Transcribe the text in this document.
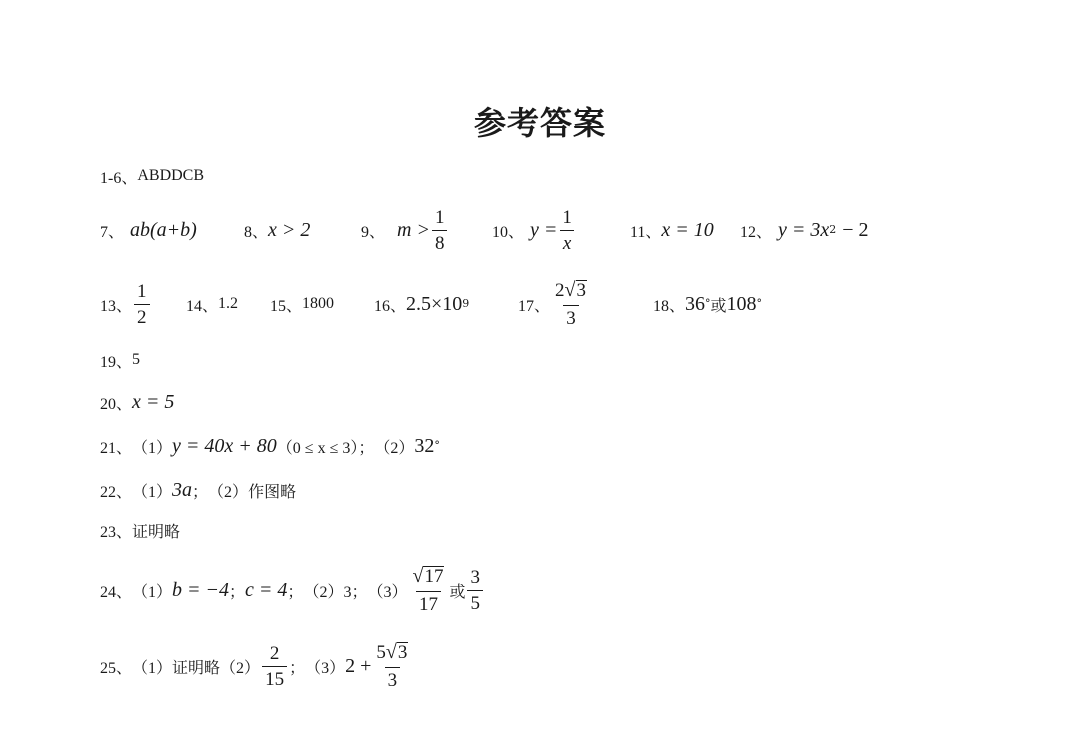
参考答案
1-6、 ABDDCB
7、 ab(a+b)	8、 x > 2	9、 $m > \frac{1}{8}$	10、 $y = \frac{1}{x}$	11、 x = 10 12、 y = 3x 2 − 2
13、 $\frac{1}{2} 14$、 1.2 15、 1800 16、 2.5×10 9	17、 $\frac{2 √ 3}{3}$	18、 36 ° 或 108 °
19、 5
20、 x = 5
21、 （1） y = 40x + 80 （0 ≤ x ≤ 3）； （2） 32 °
22、 （1） 3a ； （2） 作图略
23、 证明略
24、 （1） b = −4 ； c = 4 ； （2） 3； $(3) \frac{√ 17}{17}$ 或 $\frac{3}{5}$
25、 （1） 证明略 $(2) \frac{2}{15}$ ； （3） $2 + \frac{5 √ 3}{3}$
